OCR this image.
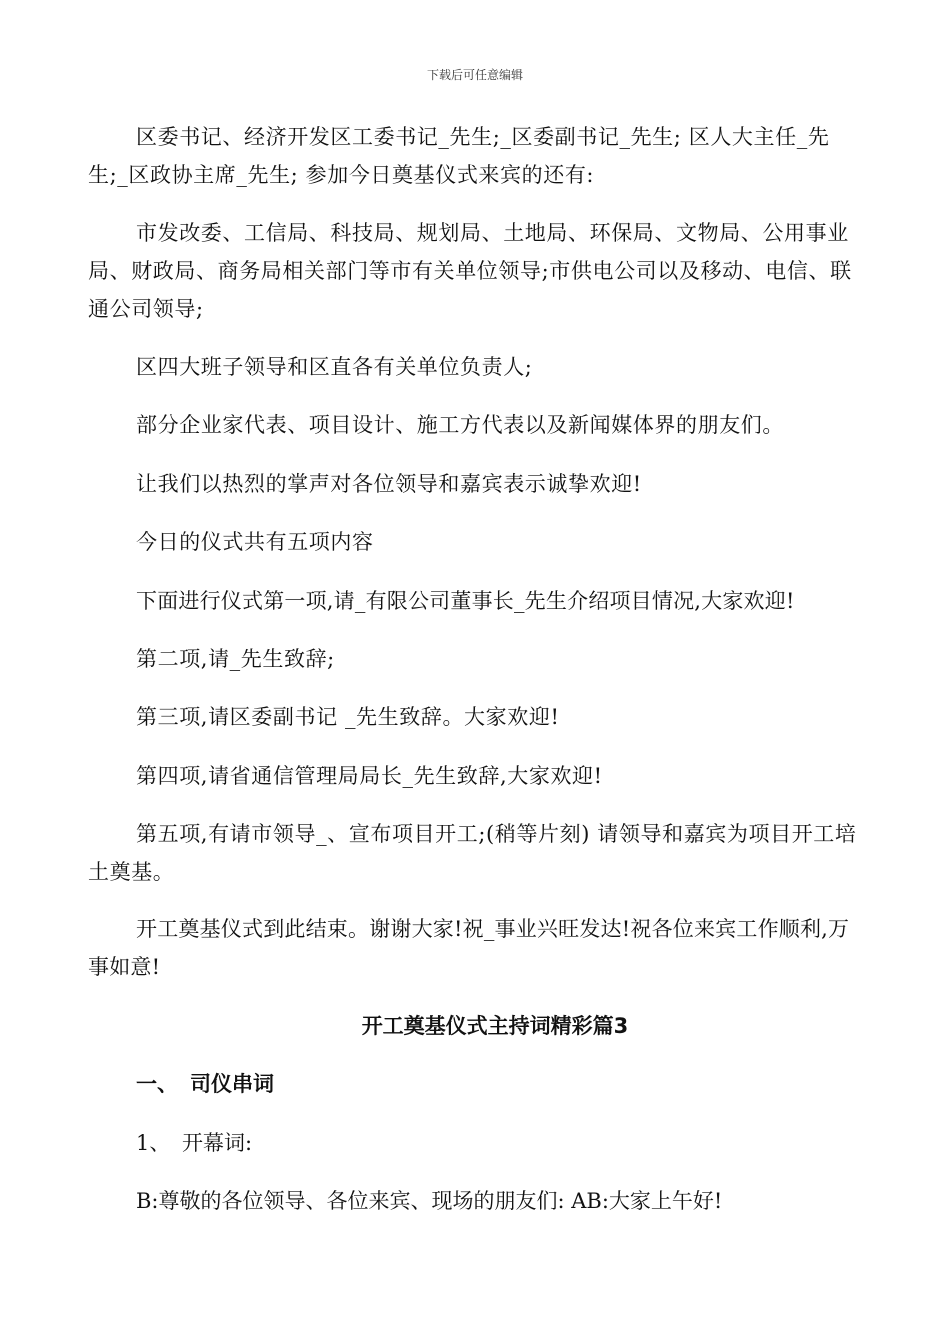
下载后可任意编辑
区委书记、经济开发区工委书记_先生;_区委副书记_先生; 区人大主任_先生;_区政协主席_先生; 参加今日奠基仪式来宾的还有:
市发改委、工信局、科技局、规划局、土地局、环保局、文物局、公用事业局、财政局、商务局相关部门等市有关单位领导;市供电公司以及移动、电信、联通公司领导;
区四大班子领导和区直各有关单位负责人;
部分企业家代表、项目设计、施工方代表以及新闻媒体界的朋友们。
让我们以热烈的掌声对各位领导和嘉宾表示诚挚欢迎!
今日的仪式共有五项内容
下面进行仪式第一项,请_有限公司董事长_先生介绍项目情况,大家欢迎!
第二项,请_先生致辞;
第三项,请区委副书记 _先生致辞。大家欢迎!
第四项,请省通信管理局局长_先生致辞,大家欢迎!
第五项,有请市领导_、宣布项目开工;(稍等片刻) 请领导和嘉宾为项目开工培土奠基。
开工奠基仪式到此结束。谢谢大家!祝_事业兴旺发达!祝各位来宾工作顺利,万事如意!
开工奠基仪式主持词精彩篇3
一、 司仪串词
1、 开幕词:
B:尊敬的各位领导、各位来宾、现场的朋友们: AB:大家上午好!
